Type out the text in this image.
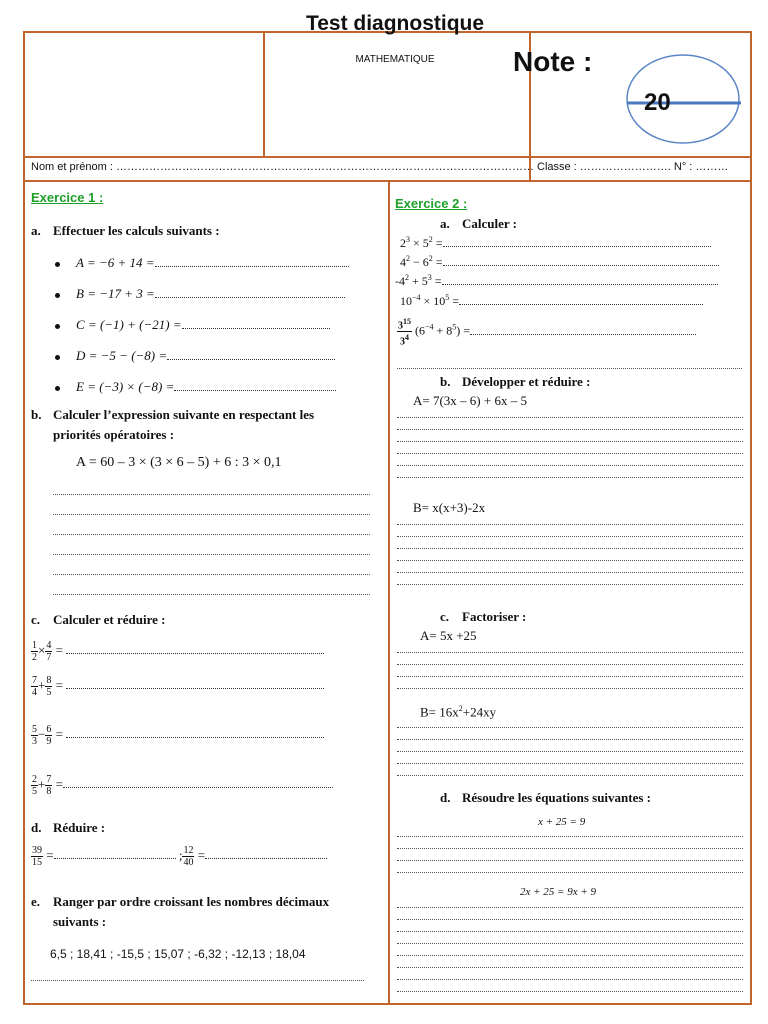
Test diagnostique
MATHEMATIQUE	Note :
20
Nom et prénom : …………………………………………………………………………………………………… Classe : ……………………. N° : ………
Exercice 1 :
a. Effectuer les calculs suivants :
A = −6 + 14 =
B = −17 + 3 =
C = (−1) + (−21) =
D = −5 − (−8) =
E = (−3) × (−8) =
b. Calculer l’expression suivante en respectant les
priorités opératoires :
A = 60 – 3 × (3 × 6 – 5) + 6 : 3 × 0,1
c. Calculer et réduire :
$\frac{1}{2} \times \frac{4}{7}$ =
$\frac{7}{4} + \frac{8}{5}$ =
$\frac{5}{3} - \frac{6}{9}$ =
$\frac{2}{5} + \frac{7}{8}$ =
d. Réduire :
$\frac{39}{15}$ =	; $\frac{12}{40}$ =
e. Ranger par ordre croissant les nombres décimaux
suivants :
6,5 ; 18,41 ; -15,5 ; 15,07 ; -6,32 ; -12,13 ; 18,04
Exercice 2 :
a. Calculer :
$2^3 \times 5^2$ =
$4^2 - 6^2$ =
$-4^2 + 5^3$ =
$10^{-4} \times 10^5$ =
$\frac{3^{15}}{3^4} (6^{-4} + 8^5)$ =
b. Développer et réduire :
A= 7(3x – 6) + 6x – 5
B= x(x+3)-2x
c. Factoriser :
A= 5x +25
$B= 16x^2+24xy$
d. Résoudre les équations suivantes :
x + 25 = 9
2x + 25 = 9x + 9
